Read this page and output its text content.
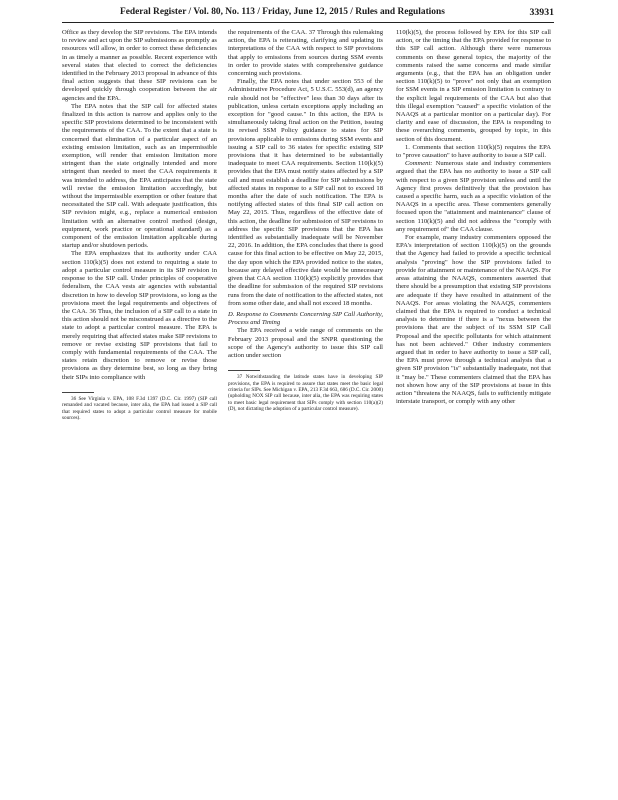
Federal Register / Vol. 80, No. 113 / Friday, June 12, 2015 / Rules and Regulations	33931

Office as they develop the SIP revisions. The EPA intends to review and act upon the SIP submissions as promptly as resources will allow, in order to correct these deficiencies in as timely a manner as possible. Recent experience with several states that elected to correct the deficiencies identified in the February 2013 proposal in advance of this final action suggests that these SIP revisions can be developed quickly through cooperation between the air agencies and the EPA.

The EPA notes that the SIP call for affected states finalized in this action is narrow and applies only to the specific SIP provisions determined to be inconsistent with the requirements of the CAA. To the extent that a state is concerned that elimination of a particular aspect of an existing emission limitation, such as an impermissible exemption, will render that emission limitation more stringent than the state originally intended and more stringent than needed to meet the CAA requirements it was intended to address, the EPA anticipates that the state will revise the emission limitation accordingly, but without the impermissible exemption or other feature that necessitated the SIP call. With adequate justification, this SIP revision might, e.g., replace a numerical emission limitation with an alternative control method (design, equipment, work practice or operational standard) as a component of the emission limitation applicable during startup and/or shutdown periods.

The EPA emphasizes that its authority under CAA section 110(k)(5) does not extend to requiring a state to adopt a particular control measure in its SIP revision in response to the SIP call. Under principles of cooperative federalism, the CAA vests air agencies with substantial discretion in how to develop SIP provisions, so long as the provisions meet the legal requirements and objectives of the CAA. 36 Thus, the inclusion of a SIP call to a state in this action should not be misconstrued as a directive to the state to adopt a particular control measure. The EPA is merely requiring that affected states make SIP revisions to remove or revise existing SIP provisions that fail to comply with fundamental requirements of the CAA. The states retain discretion to remove or revise those provisions as they determine best, so long as they bring their SIPs into compliance with

36 See Virginia v. EPA, 108 F.3d 1397 (D.C. Cir. 1997) (SIP call remanded and vacated because, inter alia, the EPA had issued a SIP call that required states to adopt a particular control measure for mobile sources).

the requirements of the CAA. 37 Through this rulemaking action, the EPA is reiterating, clarifying and updating its interpretations of the CAA with respect to SIP provisions that apply to emissions from sources during SSM events in order to provide states with comprehensive guidance concerning such provisions.

Finally, the EPA notes that under section 553 of the Administrative Procedure Act, 5 U.S.C. 553(d), an agency rule should not be "effective" less than 30 days after its publication, unless certain exceptions apply including an exception for "good cause." In this action, the EPA is simultaneously taking final action on the Petition, issuing its revised SSM Policy guidance to states for SIP provisions applicable to emissions during SSM events and issuing a SIP call to 36 states for specific existing SIP provisions that it has determined to be substantially inadequate to meet CAA requirements. Section 110(k)(5) provides that the EPA must notify states affected by a SIP call and must establish a deadline for SIP submissions by affected states in response to a SIP call not to exceed 18 months after the date of such notification. The EPA is notifying affected states of this final SIP call action on May 22, 2015. Thus, regardless of the effective date of this action, the deadline for submission of SIP revisions to address the specific SIP provisions that the EPA has identified as substantially inadequate will be November 22, 2016. In addition, the EPA concludes that there is good cause for this final action to be effective on May 22, 2015, the day upon which the EPA provided notice to the states, because any delayed effective date would be unnecessary given that CAA section 110(k)(5) explicitly provides that the deadline for submission of the required SIP revisions runs from the date of notification to the affected states, not from some other date, and shall not exceed 18 months.

D. Response to Comments Concerning SIP Call Authority, Process and Timing

The EPA received a wide range of comments on the February 2013 proposal and the SNPR questioning the scope of the Agency's authority to issue this SIP call action under section

37 Notwithstanding the latitude states have in developing SIP provisions, the EPA is required to assure that states meet the basic legal criteria for SIPs. See Michigan v. EPA, 213 F.3d 663, 686 (D.C. Cir. 2000) (upholding NOX SIP call because, inter alia, the EPA was requiring states to meet basic legal requirement that SIPs comply with section 110(a)(2)(D), not dictating the adoption of a particular control measure).

110(k)(5), the process followed by EPA for this SIP call action, or the timing that the EPA provided for response to this SIP call action. Although there were numerous comments on these general topics, the majority of the comments raised the same concerns and made similar arguments (e.g., that the EPA has an obligation under section 110(k)(5) to "prove" not only that an exemption for SSM events in a SIP emission limitation is contrary to the explicit legal requirements of the CAA but also that this illegal exemption "caused" a specific violation of the NAAQS at a particular monitor on a particular day). For clarity and ease of discussion, the EPA is responding to these overarching comments, grouped by topic, in this section of this document.

1. Comments that section 110(k)(5) requires the EPA to "prove causation" to have authority to issue a SIP call.

Comment: Numerous state and industry commenters argued that the EPA has no authority to issue a SIP call with respect to a given SIP provision unless and until the Agency first proves definitively that the provision has caused a specific harm, such as a specific violation of the NAAQS in a specific area. These commenters generally focused upon the "attainment and maintenance" clause of section 110(k)(5) and did not address the "comply with any requirement of" the CAA clause.

For example, many industry commenters opposed the EPA's interpretation of section 110(k)(5) on the grounds that the Agency had failed to provide a specific technical analysis "proving" how the SIP provisions failed to provide for attainment or maintenance of the NAAQS. For areas attaining the NAAQS, commenters asserted that there should be a presumption that existing SIP provisions are adequate if they have resulted in attainment of the NAAQS. For areas violating the NAAQS, commenters claimed that the EPA is required to conduct a technical analysis to determine if there is a "nexus between the provisions that are the subject of its SSM SIP Call Proposal and the specific pollutants for which attainment has not been achieved." Other industry commenters argued that in order to have authority to issue a SIP call, the EPA must prove through a technical analysis that a given SIP provision "is" substantially inadequate, not that it "may be." These commenters claimed that the EPA has not shown how any of the SIP provisions at issue in this action "threatens the NAAQS, fails to sufficiently mitigate interstate transport, or comply with any other
